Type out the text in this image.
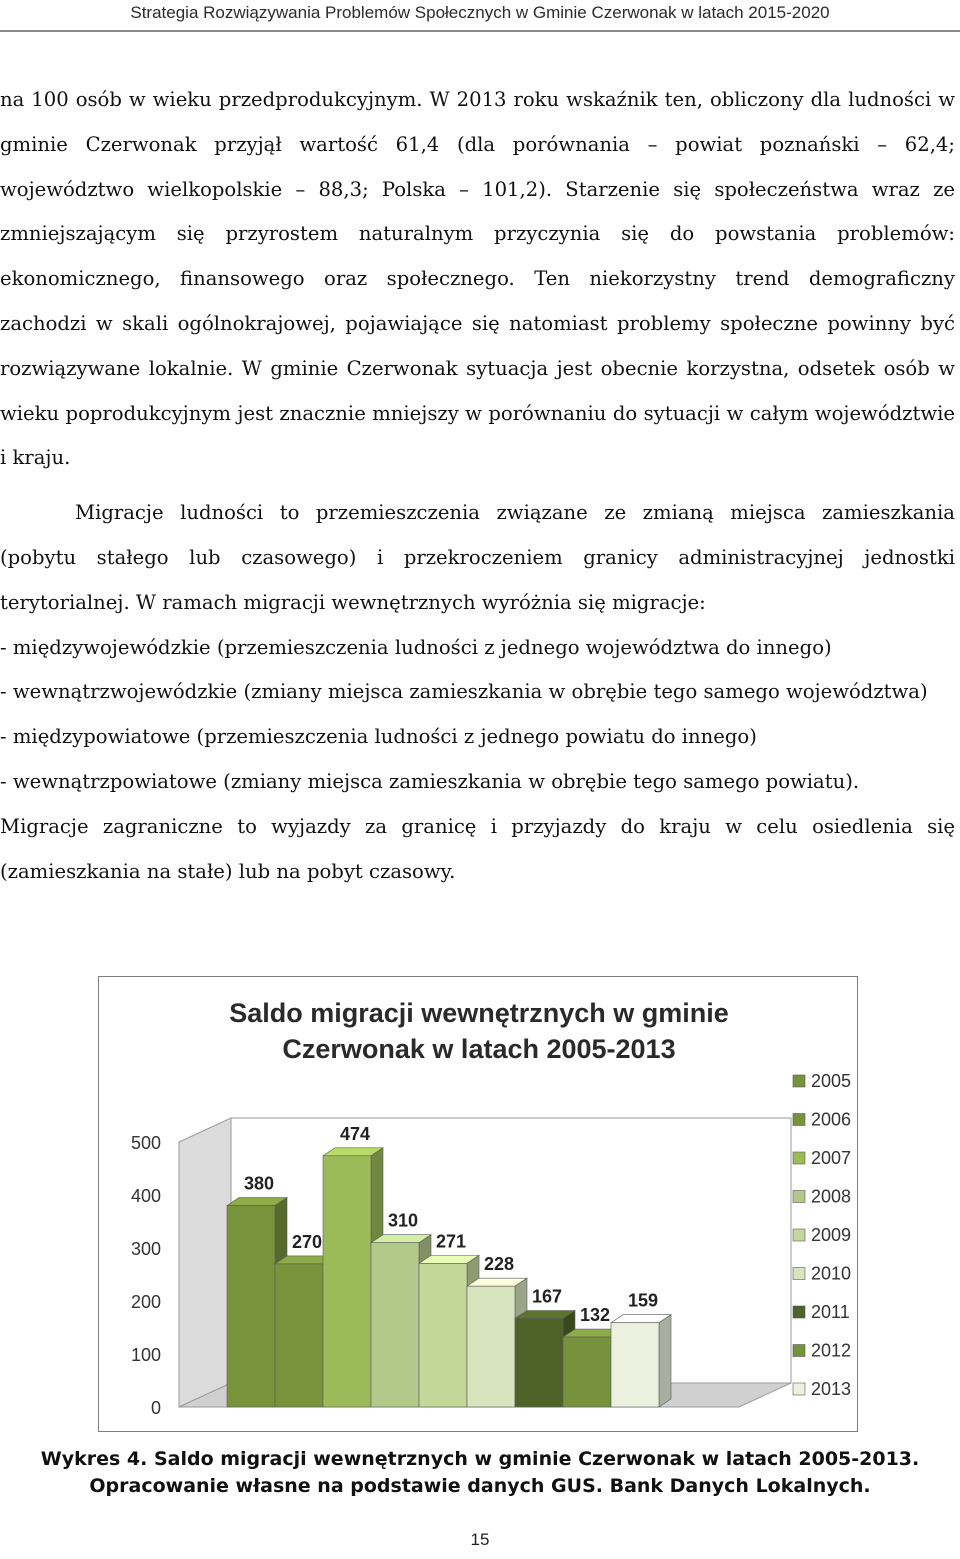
Strategia Rozwiązywania Problemów Społecznych w Gminie Czerwonak w latach 2015-2020

na 100 osób w wieku przedprodukcyjnym. W 2013 roku wskaźnik ten, obliczony dla ludności w gminie Czerwonak przyjął wartość 61,4 (dla porównania – powiat poznański – 62,4; województwo wielkopolskie – 88,3; Polska – 101,2). Starzenie się społeczeństwa wraz ze zmniejszającym się przyrostem naturalnym przyczynia się do powstania problemów: ekonomicznego, finansowego oraz społecznego. Ten niekorzystny trend demograficzny zachodzi w skali ogólnokrajowej, pojawiające się natomiast problemy społeczne powinny być rozwiązywane lokalnie. W gminie Czerwonak sytuacja jest obecnie korzystna, odsetek osób w wieku poprodukcyjnym jest znacznie mniejszy w porównaniu do sytuacji w całym województwie i kraju.

Migracje ludności to przemieszczenia związane ze zmianą miejsca zamieszkania (pobytu stałego lub czasowego) i przekroczeniem granicy administracyjnej jednostki terytorialnej. W ramach migracji wewnętrznych wyróżnia się migracje:

- międzywojewódzkie (przemieszczenia ludności z jednego województwa do innego)

- wewnątrzwojewódzkie (zmiany miejsca zamieszkania w obrębie tego samego województwa)

- międzypowiatowe (przemieszczenia ludności z jednego powiatu do innego)

- wewnątrzpowiatowe (zmiany miejsca zamieszkania w obrębie tego samego powiatu).

Migracje zagraniczne to wyjazdy za granicę i przyjazdy do kraju w celu osiedlenia się (zamieszkania na stałe) lub na pobyt czasowy.

Saldo migracji wewnętrznych w gminie
Czerwonak w latach 2005-2013
0
100
200
300
400
500
380
270
474
310
271
228
167
132
159
2005
2006
2007
2008
2009
2010
2011
2012
2013
Wykres 4. Saldo migracji wewnętrznych w gminie Czerwonak w latach 2005-2013.
Opracowanie własne na podstawie danych GUS. Bank Danych Lokalnych.
15
